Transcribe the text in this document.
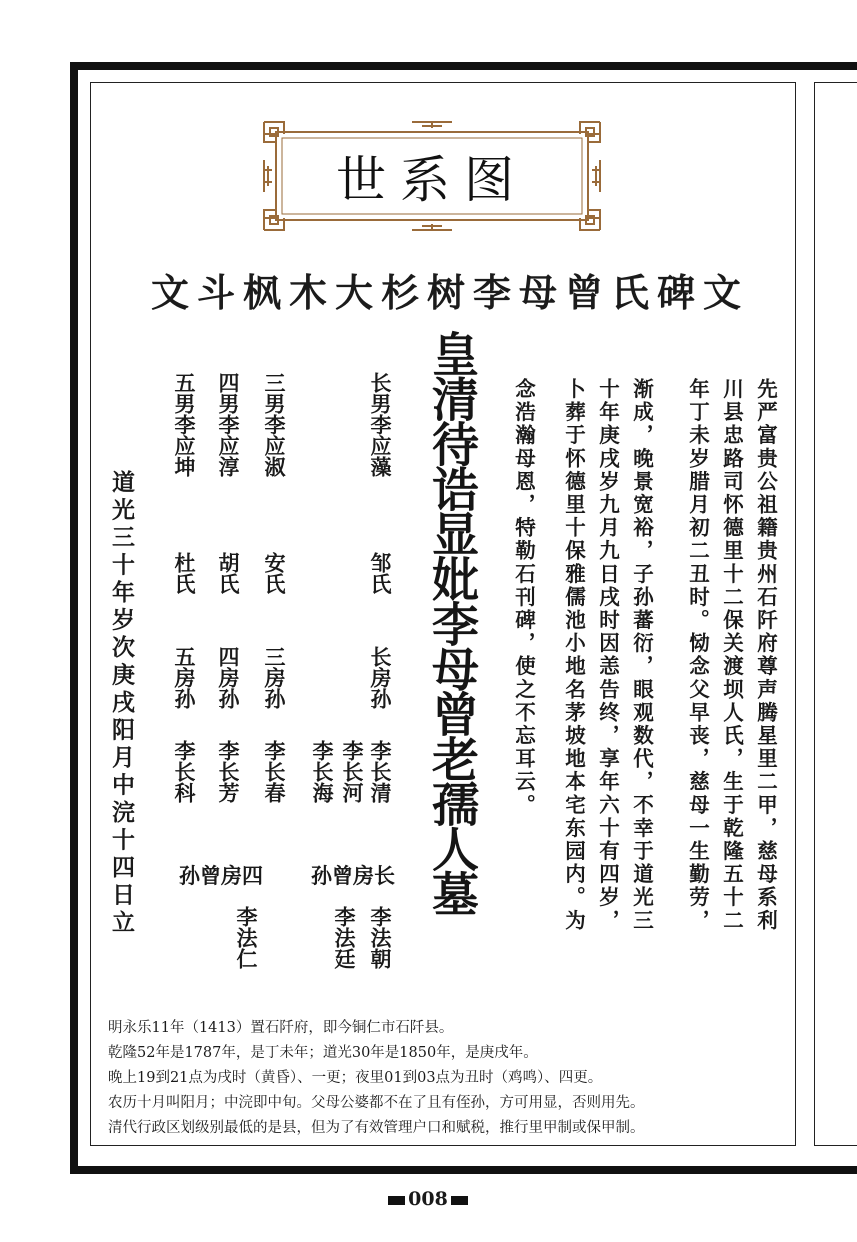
世系图
文斗枫木大杉树李母曾氏碑文
先严富贵公祖籍贵州石阡府尊声腾星里二甲，慈母系利
川县忠路司怀德里十二保关渡坝人氏，生于乾隆五十二
年丁未岁腊月初二丑时。恸念父早丧，慈母一生勤劳，
渐成，晚景宽裕，子孙蕃衍，眼观数代，不幸于道光三
十年庚戌岁九月九日戌时因恙告终，享年六十有四岁，
卜葬于怀德里十保雅儒池小地名茅坡地本宅东园内。为
念浩瀚母恩，特勒石刊碑，使之不忘耳云。
皇清待诰显妣李母曾老孺人墓
长男李应藻
邹氏
长房孙
李长清
李长河
李长海
三男李应淑
安氏
三房孙
李长春
四男李应淳
胡氏
四房孙
李长芳
五男李应坤
杜氏
五房孙
李长科
长房曾孙
四房曾孙
李法朝
李法廷
李法仁
道光三十年岁次庚戌阳月中浣十四日立
明永乐11年（1413）置石阡府，即今铜仁市石阡县。
乾隆52年是1787年，是丁未年；道光30年是1850年，是庚戌年。
晚上19到21点为戌时（黄昏）、一更；夜里01到03点为丑时（鸡鸣）、四更。
农历十月叫阳月；中浣即中旬。父母公婆都不在了且有侄孙，方可用显，否则用先。
清代行政区划级别最低的是县，但为了有效管理户口和赋税，推行里甲制或保甲制。
008
